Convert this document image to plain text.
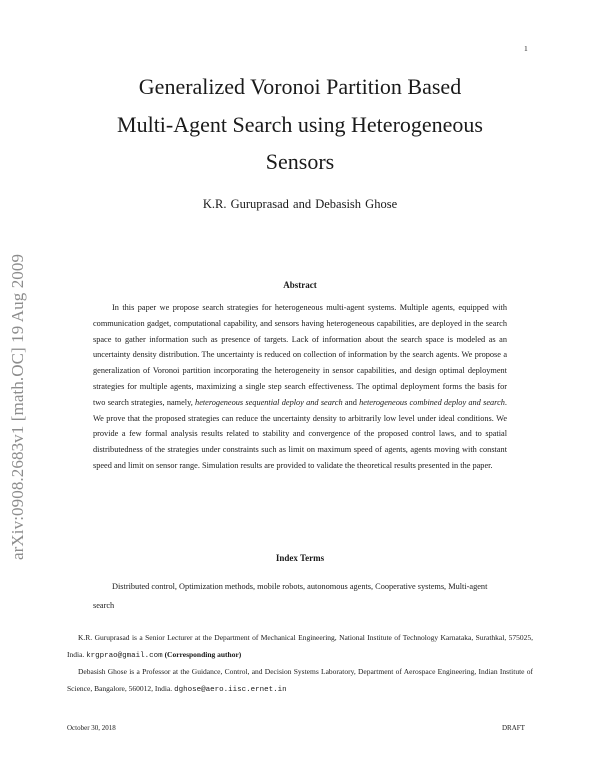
1
arXiv:0908.2683v1 [math.OC] 19 Aug 2009
Generalized Voronoi Partition Based
Multi-Agent Search using Heterogeneous
Sensors
K.R. Guruprasad and Debasish Ghose
Abstract
In this paper we propose search strategies for heterogeneous multi-agent systems. Multiple agents, equipped with communication gadget, computational capability, and sensors having heterogeneous capabilities, are deployed in the search space to gather information such as presence of targets. Lack of information about the search space is modeled as an uncertainty density distribution. The uncertainty is reduced on collection of information by the search agents. We propose a generalization of Voronoi partition incorporating the heterogeneity in sensor capabilities, and design optimal deployment strategies for multiple agents, maximizing a single step search effectiveness. The optimal deployment forms the basis for two search strategies, namely, heterogeneous sequential deploy and search and heterogeneous combined deploy and search. We prove that the proposed strategies can reduce the uncertainty density to arbitrarily low level under ideal conditions. We provide a few formal analysis results related to stability and convergence of the proposed control laws, and to spatial distributedness of the strategies under constraints such as limit on maximum speed of agents, agents moving with constant speed and limit on sensor range. Simulation results are provided to validate the theoretical results presented in the paper.
Index Terms
Distributed control, Optimization methods, mobile robots, autonomous agents, Cooperative systems, Multi-agent search
K.R. Guruprasad is a Senior Lecturer at the Department of Mechanical Engineering, National Institute of Technology Karnataka, Surathkal, 575025, India. krgprao@gmail.com (Corresponding author)
Debasish Ghose is a Professor at the Guidance, Control, and Decision Systems Laboratory, Department of Aerospace Engineering, Indian Institute of Science, Bangalore, 560012, India. dghose@aero.iisc.ernet.in
October 30, 2018	DRAFT
